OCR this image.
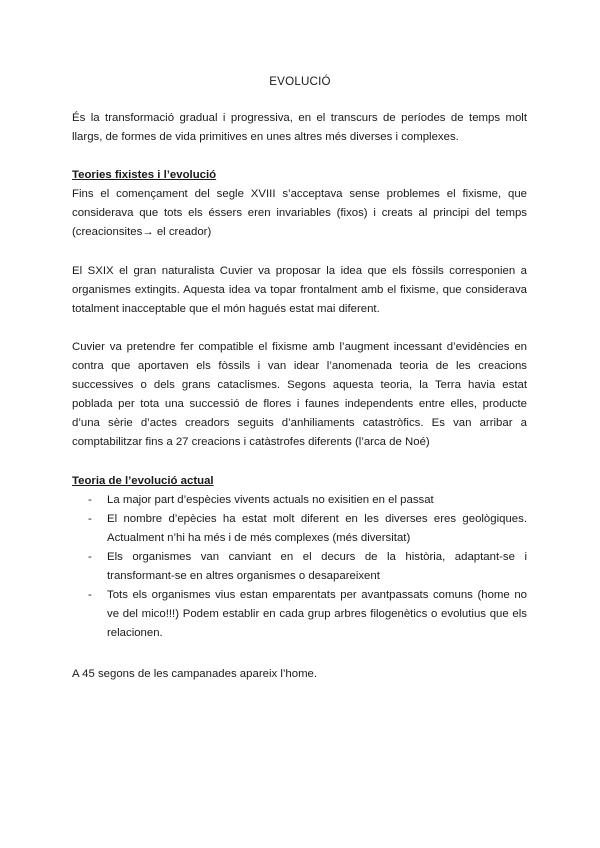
EVOLUCIÓ

És la transformació gradual i progressiva, en el transcurs de períodes de temps molt llargs, de formes de vida primitives en unes altres més diverses i complexes.

Teories fixistes i l’evolució

Fins el començament del segle XVIII s’acceptava sense problemes el fixisme, que considerava que tots els éssers eren invariables (fixos) i creats al principi del temps (creacionsites→ el creador)

El SXIX el gran naturalista Cuvier va proposar la idea que els fòssils corresponien a organismes extingits. Aquesta idea va topar frontalment amb el fixisme, que considerava totalment inacceptable que el món hagués estat mai diferent.

Cuvier va pretendre fer compatible el fixisme amb l’augment incessant d’evidències en contra que aportaven els fòssils i van idear l’anomenada teoria de les creacions successives o dels grans cataclismes. Segons aquesta teoria, la Terra havia estat poblada per tota una successió de flores i faunes independents entre elles, producte d’una sèrie d’actes creadors seguits d’anhiliaments catastròfics. Es van arribar a comptabilitzar fins a 27 creacions i catàstrofes diferents (l’arca de Noé)

Teoria de l’evolució actual

- La major part d’espècies vivents actuals no exisitien en el passat
- El nombre d’epècies ha estat molt diferent en les diverses eres geològiques. Actualment n’hi ha més i de més complexes (més diversitat)
- Els organismes van canviant en el decurs de la història, adaptant-se i transformant-se en altres organismes o desapareixent
- Tots els organismes vius estan emparentats per avantpassats comuns (home no ve del mico!!!) Podem establir en cada grup arbres filogenètics o evolutius que els relacionen.

A 45 segons de les campanades apareix l’home.
